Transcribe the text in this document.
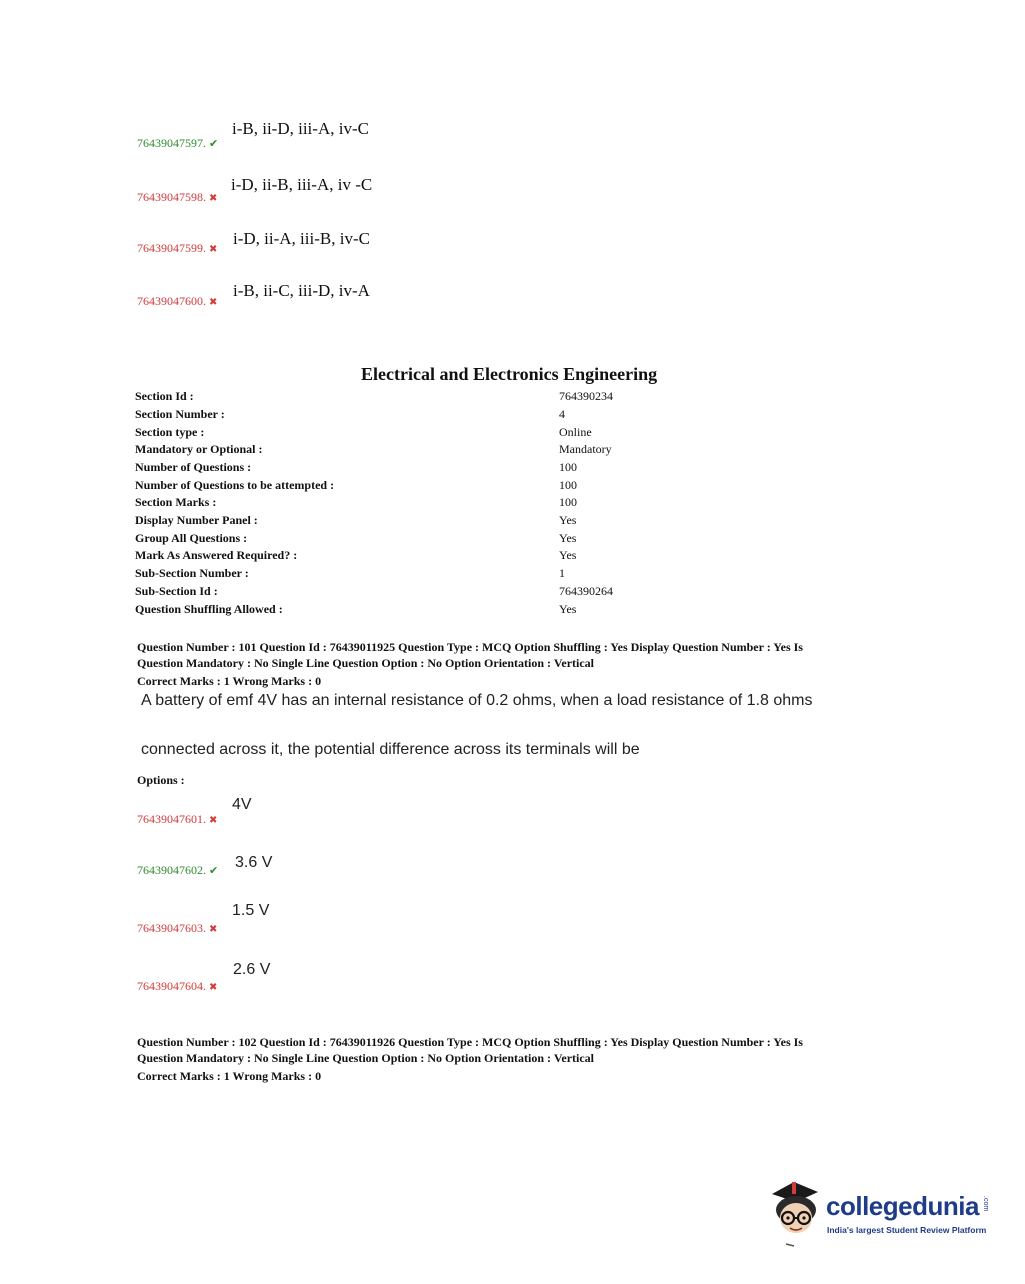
i-B, ii-D, iii-A, iv-C
76439047597. ✔
i-D, ii-B, iii-A, iv -C
76439047598. ✖
i-D, ii-A, iii-B, iv-C
76439047599. ✖
i-B, ii-C, iii-D, iv-A
76439047600. ✖
Electrical and Electronics Engineering
Section Id :	764390234
Section Number :	4
Section type :	Online
Mandatory or Optional :	Mandatory
Number of Questions :	100
Number of Questions to be attempted :	100
Section Marks :	100
Display Number Panel :	Yes
Group All Questions :	Yes
Mark As Answered Required? :	Yes
Sub-Section Number :	1
Sub-Section Id :	764390264
Question Shuffling Allowed :	Yes
Question Number : 101 Question Id : 76439011925 Question Type : MCQ Option Shuffling : Yes Display Question Number : Yes Is
Question Mandatory : No Single Line Question Option : No Option Orientation : Vertical
Correct Marks : 1 Wrong Marks : 0
A battery of emf 4V has an internal resistance of 0.2 ohms, when a load resistance of 1.8 ohms
connected across it, the potential difference across its terminals will be
Options :
4V
76439047601. ✖
3.6 V
76439047602. ✔
1.5 V
76439047603. ✖
2.6 V
76439047604. ✖
Question Number : 102 Question Id : 76439011926 Question Type : MCQ Option Shuffling : Yes Display Question Number : Yes Is
Question Mandatory : No Single Line Question Option : No Option Orientation : Vertical
Correct Marks : 1 Wrong Marks : 0
collegedunia .com
India's largest Student Review Platform
